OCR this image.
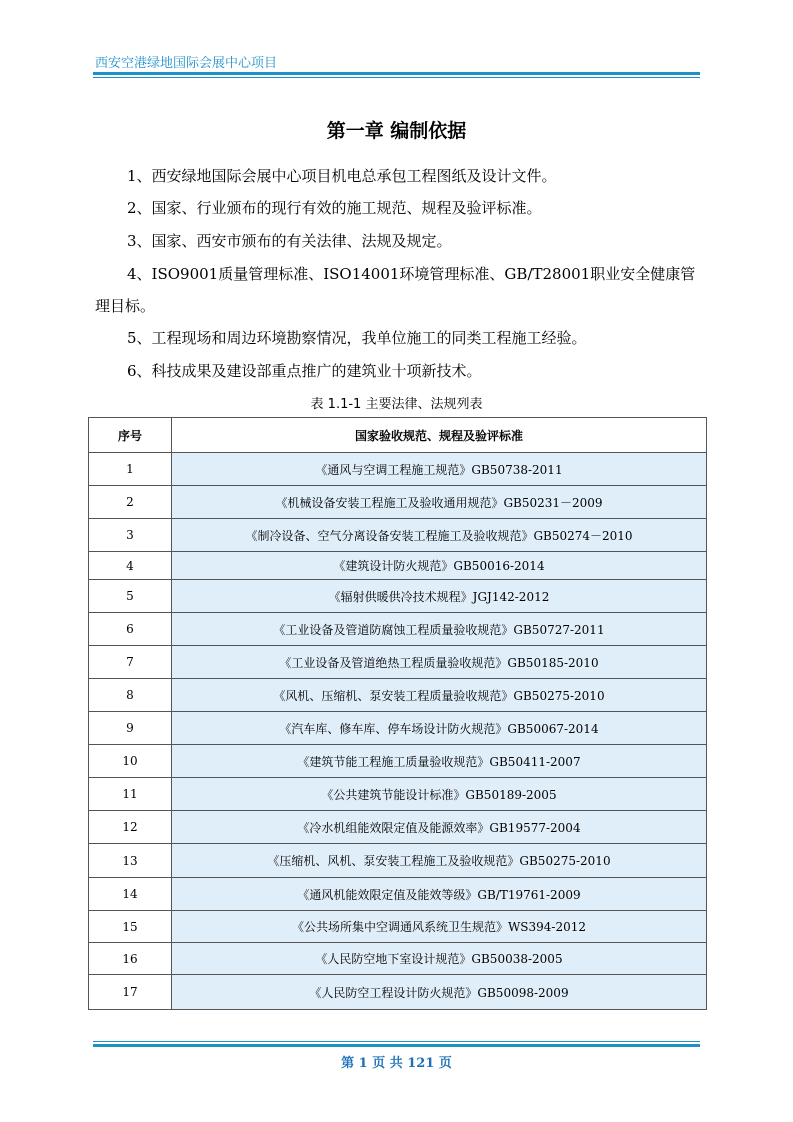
西安空港绿地国际会展中心项目
第一章 编制依据
1、西安绿地国际会展中心项目机电总承包工程图纸及设计文件。
2、国家、行业颁布的现行有效的施工规范、规程及验评标准。
3、国家、西安市颁布的有关法律、法规及规定。
4、ISO9001质量管理标准、ISO14001环境管理标准、GB/T28001职业安全健康管理目标。
5、工程现场和周边环境勘察情况，我单位施工的同类工程施工经验。
6、科技成果及建设部重点推广的建筑业十项新技术。
表 1.1-1 主要法律、法规列表
序号	国家验收规范、规程及验评标准
1	《通风与空调工程施工规范》GB50738-2011
2	《机械设备安装工程施工及验收通用规范》GB50231－2009
3	《制冷设备、空气分离设备安装工程施工及验收规范》GB50274－2010
4	《建筑设计防火规范》GB50016-2014
5	《辐射供暖供冷技术规程》JGJ142-2012
6	《工业设备及管道防腐蚀工程质量验收规范》GB50727-2011
7	《工业设备及管道绝热工程质量验收规范》GB50185-2010
8	《风机、压缩机、泵安装工程质量验收规范》GB50275-2010
9	《汽车库、修车库、停车场设计防火规范》GB50067-2014
10	《建筑节能工程施工质量验收规范》GB50411-2007
11	《公共建筑节能设计标准》GB50189-2005
12	《冷水机组能效限定值及能源效率》GB19577-2004
13	《压缩机、风机、泵安装工程施工及验收规范》GB50275-2010
14	《通风机能效限定值及能效等级》GB/T19761-2009
15	《公共场所集中空调通风系统卫生规范》WS394-2012
16	《人民防空地下室设计规范》GB50038-2005
17	《人民防空工程设计防火规范》GB50098-2009
第 1 页 共 121 页
